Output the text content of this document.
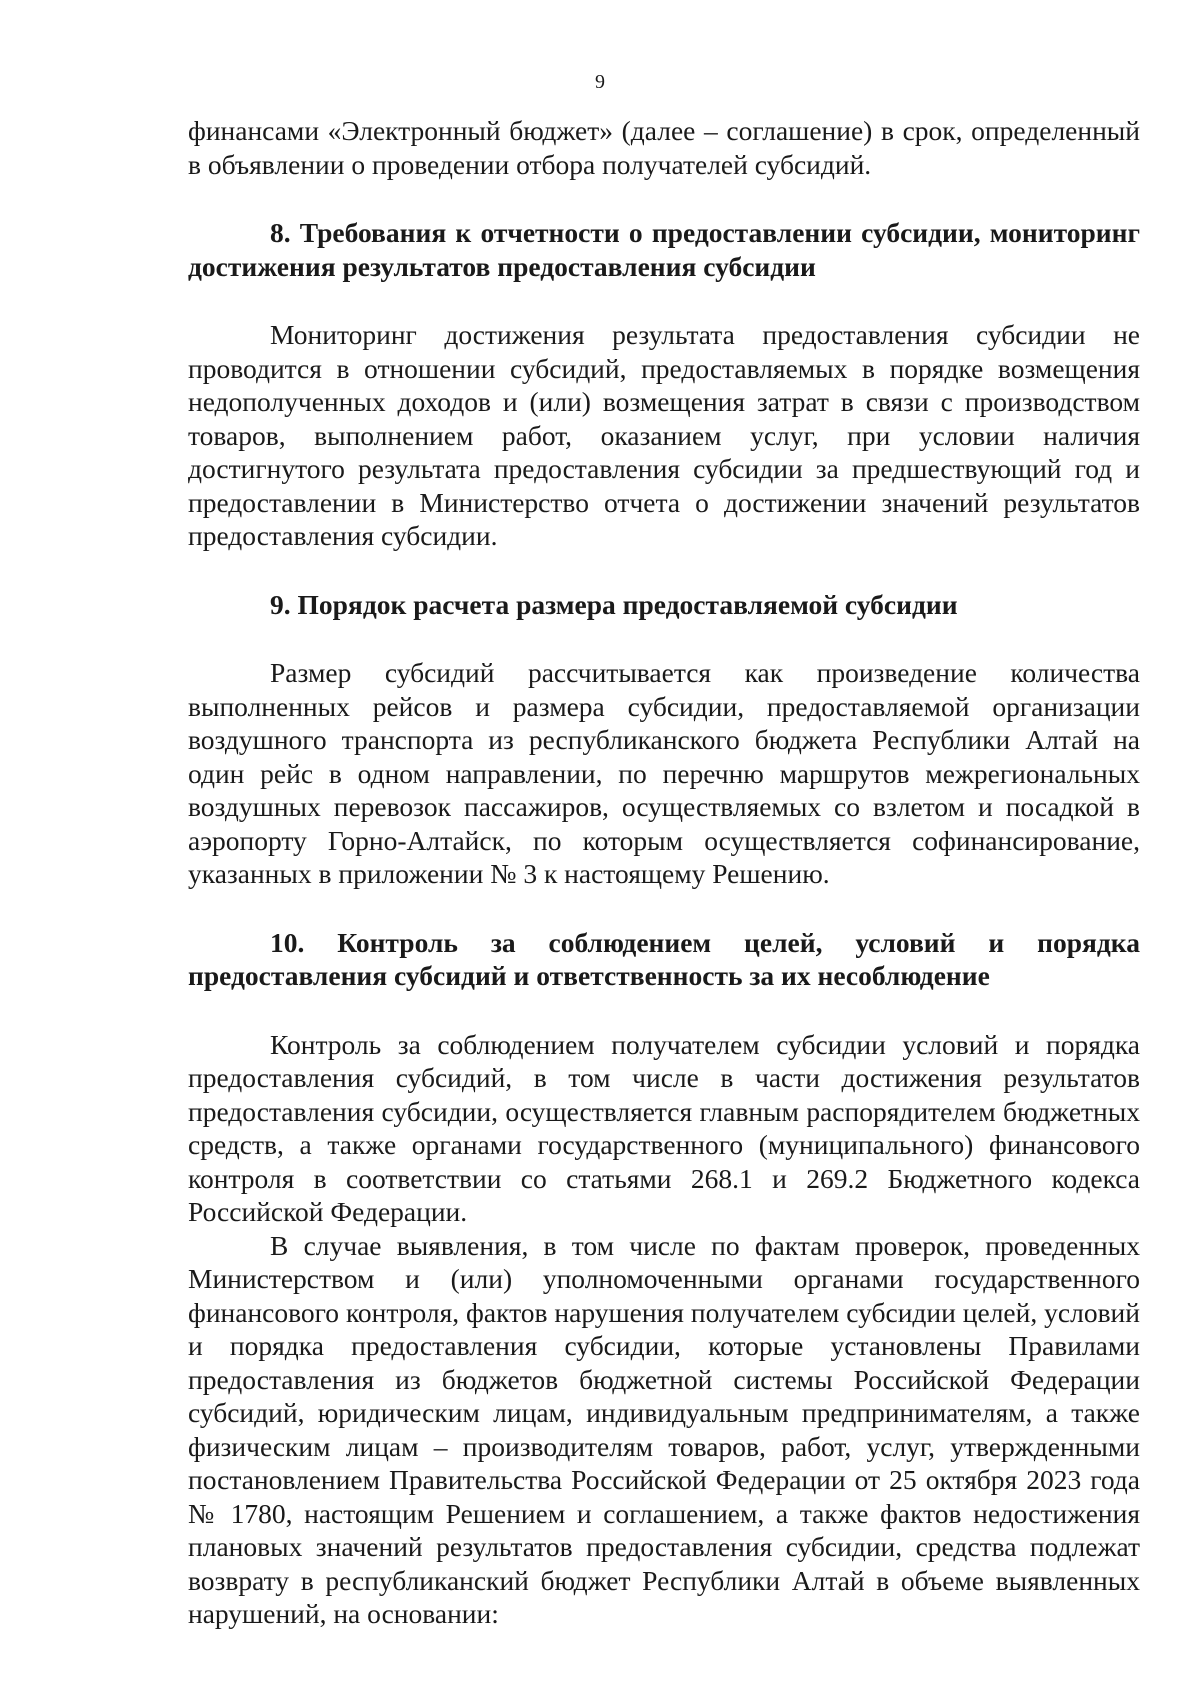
9

финансами «Электронный бюджет» (далее – соглашение) в срок, определенный в объявлении о проведении отбора получателей субсидий.

8. Требования к отчетности о предоставлении субсидии, мониторинг достижения результатов предоставления субсидии

Мониторинг достижения результата предоставления субсидии не проводится в отношении субсидий, предоставляемых в порядке возмещения недополученных доходов и (или) возмещения затрат в связи с производством товаров, выполнением работ, оказанием услуг, при условии наличия достигнутого результата предоставления субсидии за предшествующий год и предоставлении в Министерство отчета о достижении значений результатов предоставления субсидии.

9. Порядок расчета размера предоставляемой субсидии

Размер субсидий рассчитывается как произведение количества выполненных рейсов и размера субсидии, предоставляемой организации воздушного транспорта из республиканского бюджета Республики Алтай на один рейс в одном направлении, по перечню маршрутов межрегиональных воздушных перевозок пассажиров, осуществляемых со взлетом и посадкой в аэропорту Горно-Алтайск, по которым осуществляется софинансирование, указанных в приложении № 3 к настоящему Решению.

10. Контроль за соблюдением целей, условий и порядка предоставления субсидий и ответственность за их несоблюдение

Контроль за соблюдением получателем субсидии условий и порядка предоставления субсидий, в том числе в части достижения результатов предоставления субсидии, осуществляется главным распорядителем бюджетных средств, а также органами государственного (муниципального) финансового контроля в соответствии со статьями 268.1 и 269.2 Бюджетного кодекса Российской Федерации.

В случае выявления, в том числе по фактам проверок, проведенных Министерством и (или) уполномоченными органами государственного финансового контроля, фактов нарушения получателем субсидии целей, условий и порядка предоставления субсидии, которые установлены Правилами предоставления из бюджетов бюджетной системы Российской Федерации субсидий, юридическим лицам, индивидуальным предпринимателям, а также физическим лицам – производителям товаров, работ, услуг, утвержденными постановлением Правительства Российской Федерации от 25 октября 2023 года № 1780, настоящим Решением и соглашением, а также фактов недостижения плановых значений результатов предоставления субсидии, средства подлежат возврату в республиканский бюджет Республики Алтай в объеме выявленных нарушений, на основании:
